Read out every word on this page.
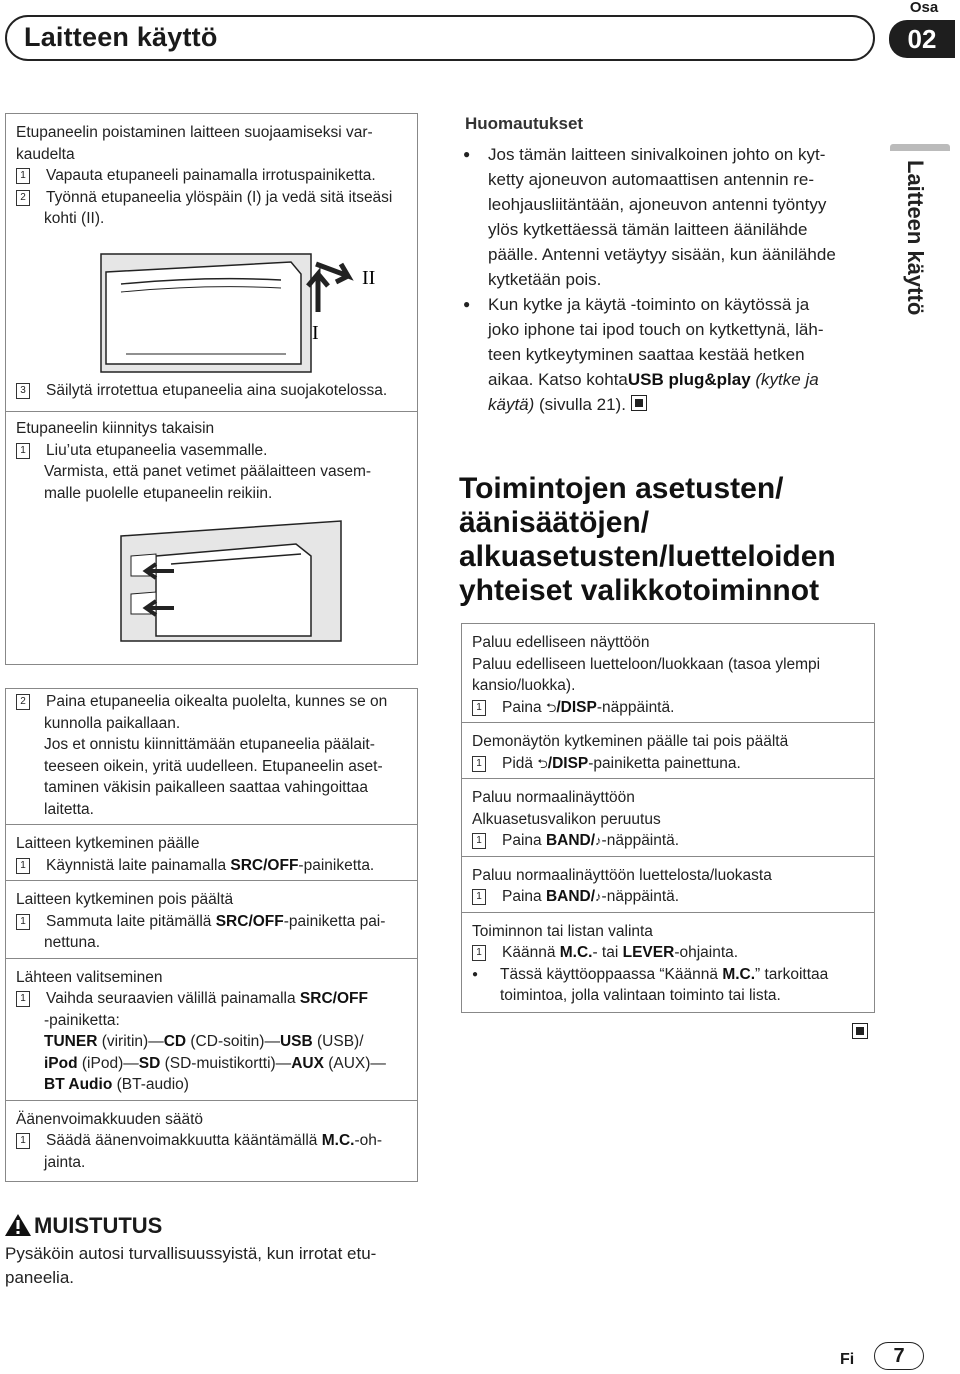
Laitteen käyttö
Osa
02
Laitteen käyttö
Etupaneelin poistaminen laitteen suojaamiseksi var-
kaudelta
1 Vapauta etupaneeli painamalla irrotuspainiketta.
2 Työnnä etupaneelia ylöspäin (I) ja vedä sitä itseäsi
kohti (II).
I
II
3 Säilytä irrotettua etupaneelia aina suojakotelossa.
Etupaneelin kiinnitys takaisin
1 Liu’uta etupaneelia vasemmalle.
Varmista, että panet vetimet päälaitteen vasem-
malle puolelle etupaneelin reikiin.
2 Paina etupaneelia oikealta puolelta, kunnes se on
kunnolla paikallaan.
Jos et onnistu kiinnittämään etupaneelia päälait-
teeseen oikein, yritä uudelleen. Etupaneelin aset-
taminen väkisin paikalleen saattaa vahingoittaa
laitetta.
Laitteen kytkeminen päälle
1 Käynnistä laite painamalla SRC/OFF-painiketta.
Laitteen kytkeminen pois päältä
1 Sammuta laite pitämällä SRC/OFF-painiketta pai-
nettuna.
Lähteen valitseminen
1 Vaihda seuraavien välillä painamalla SRC/OFF
-painiketta:
TUNER (viritin)—CD (CD-soitin)—USB (USB)/
iPod (iPod)—SD (SD-muistikortti)—AUX (AUX)—
BT Audio (BT-audio)
Äänenvoimakkuuden säätö
1 Säädä äänenvoimakkuutta kääntämällä M.C.-oh-
jainta.
MUISTUTUS
Pysäköin autosi turvallisuussyistä, kun irrotat etu-
paneelia.
Huomautukset
●	Jos tämän laitteen sinivalkoinen johto on kyt-
ketty ajoneuvon automaattisen antennin re-
leohjausliitäntään, ajoneuvon antenni työntyy
ylös kytkettäessä tämän laitteen äänilähde
päälle. Antenni vetäytyy sisään, kun äänilähde
kytketään pois.
●	Kun kytke ja käytä -toiminto on käytössä ja
joko iphone tai ipod touch on kytkettynä, läh-
teen kytkeytyminen saattaa kestää hetken
aikaa. Katso kohtaUSB plug&play (kytke ja
käytä) (sivulla 21).
Toimintojen asetusten/
äänisäätöjen/
alkuasetusten/luetteloiden
yhteiset valikkotoiminnot
Paluu edelliseen näyttöön
Paluu edelliseen luetteloon/luokkaan (tasoa ylempi
kansio/luokka).
1 Paina ⮌/DISP-näppäintä.
Demonäytön kytkeminen päälle tai pois päältä
1 Pidä ⮌/DISP-painiketta painettuna.
Paluu normaalinäyttöön
Alkuasetusvalikon peruutus
1 Paina BAND/♪-näppäintä.
Paluu normaalinäyttöön luettelosta/luokasta
1 Paina BAND/♪-näppäintä.
Toiminnon tai listan valinta
1 Käännä M.C.- tai LEVER-ohjainta.
●	Tässä käyttöoppaassa “Käännä M.C.” tarkoittaa
toimintoa, jolla valintaan toiminto tai lista.
Fi	7
